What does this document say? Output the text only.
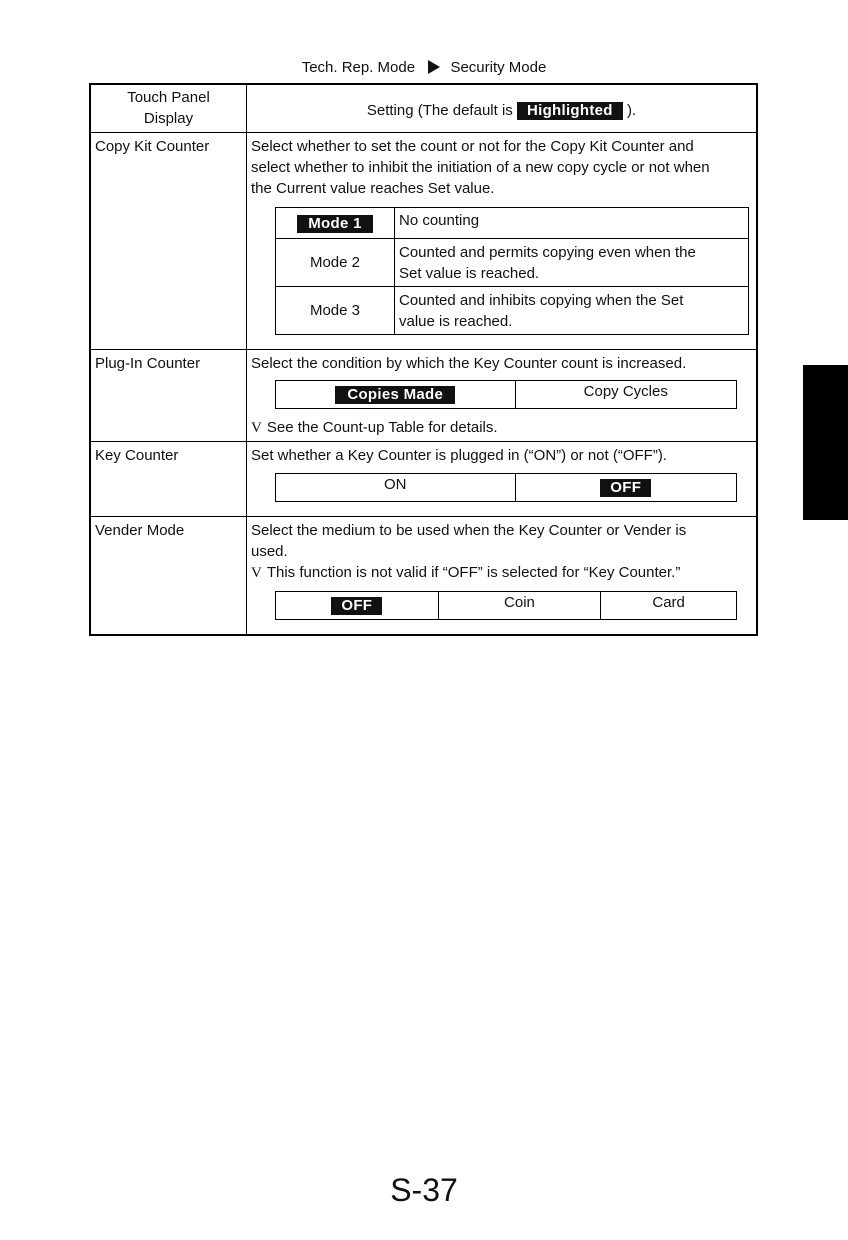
Tech. Rep. Mode Security Mode
Touch Panel
Display	Setting (The default is Highlighted ).
Copy Kit Counter	Select whether to set the count or not for the Copy Kit Counter and
select whether to inhibit the initiation of a new copy cycle or not when
the Current value reaches Set value.
Mode 1	No counting

Mode 2	
Counted and permits copying even when the
Set value is reached.

Mode 3	
Counted and inhibits copying when the Set
value is reached.

Plug-In Counter	Select the condition by which the Key Counter count is increased.
Copies Made	Copy Cycles
V See the Count-up Table for details.

Key Counter	Set whether a Key Counter is plugged in (“ON”) or not (“OFF”).
ON	OFF

Vender Mode	Select the medium to be used when the Key Counter or Vender is
used.
V This function is not valid if “OFF” is selected for “Key Counter.”
OFF	Coin	Card
S-37
